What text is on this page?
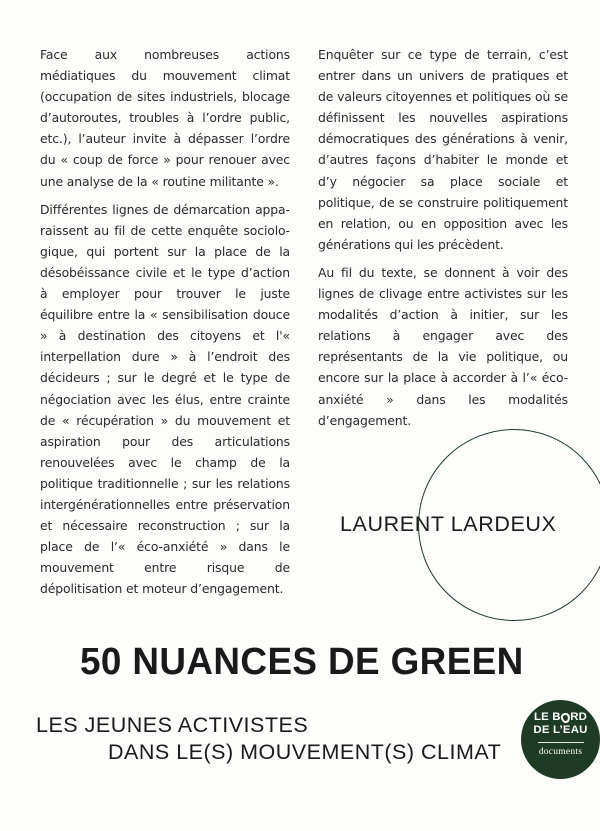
Face aux nombreuses actions médiatiques du mouvement climat (occupation de sites industriels, blocage d’autoroutes, troubles à l’ordre public, etc.), l’auteur invite à dépasser l’ordre du « coup de force » pour renouer avec une analyse de la « routine militante ».

Différentes lignes de démarcation apparaissent au fil de cette enquête sociologique, qui portent sur la place de la désobéissance civile et le type d’action à employer pour trouver le juste équilibre entre la « sensibilisation douce » à destination des citoyens et l'« interpellation dure » à l’endroit des décideurs ; sur le degré et le type de négociation avec les élus, entre crainte de « récupération » du mouvement et aspiration pour des articulations renouvelées avec le champ de la politique traditionnelle ; sur les relations intergénérationnelles entre préservation et nécessaire reconstruction ; sur la place de l’« éco-anxiété » dans le mouvement entre risque de dépolitisation et moteur d’engagement.

Enquêter sur ce type de terrain, c’est entrer dans un univers de pratiques et de valeurs citoyennes et politiques où se définissent les nouvelles aspirations démocratiques des générations à venir, d’autres façons d’habiter le monde et d’y négocier sa place sociale et politique, de se construire politiquement en relation, ou en opposition avec les générations qui les précèdent.

Au fil du texte, se donnent à voir des lignes de clivage entre activistes sur les modalités d’action à initier, sur les relations à engager avec des représentants de la vie politique, ou encore sur la place à accorder à l’« éco-anxiété » dans les modalités d’engagement.

LAURENT LARDEUX
50 NUANCES DE GREEN
LES JEUNES ACTIVISTES
DANS LE(S) MOUVEMENT(S) CLIMAT
LE B RD
DE L’EAU
documents
